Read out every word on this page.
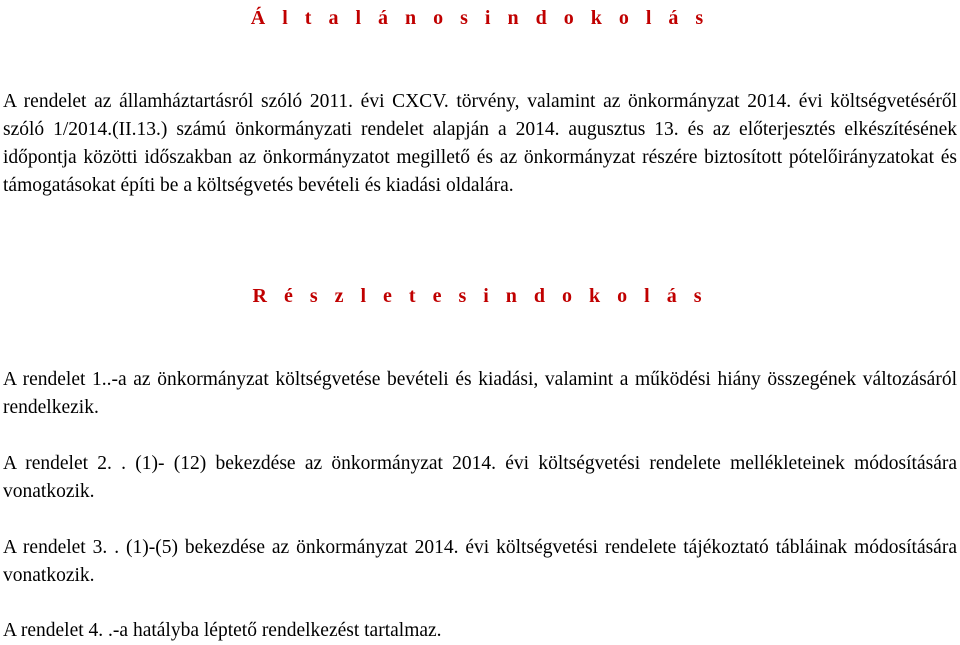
Á l t a l á n o s i n d o k o l á s
A rendelet az államháztartásról szóló 2011. évi CXCV. törvény, valamint az önkormányzat 2014. évi költségvetéséről szóló 1/2014.(II.13.) számú önkormányzati rendelet alapján a 2014. augusztus 13. és az előterjesztés elkészítésének időpontja közötti időszakban az önkormányzatot megillető és az önkormányzat részére biztosított pótelőirányzatokat és támogatásokat építi be a költségvetés bevételi és kiadási oldalára.
R é s z l e t e s i n d o k o l á s
A rendelet 1..-a az önkormányzat költségvetése bevételi és kiadási, valamint a működési hiány összegének változásáról rendelkezik.
A rendelet 2. . (1)- (12) bekezdése az önkormányzat 2014. évi költségvetési rendelete mellékleteinek módosítására vonatkozik.
A rendelet 3. . (1)-(5) bekezdése az önkormányzat 2014. évi költségvetési rendelete tájékoztató tábláinak módosítására vonatkozik.
A rendelet 4. .-a hatályba léptető rendelkezést tartalmaz.
